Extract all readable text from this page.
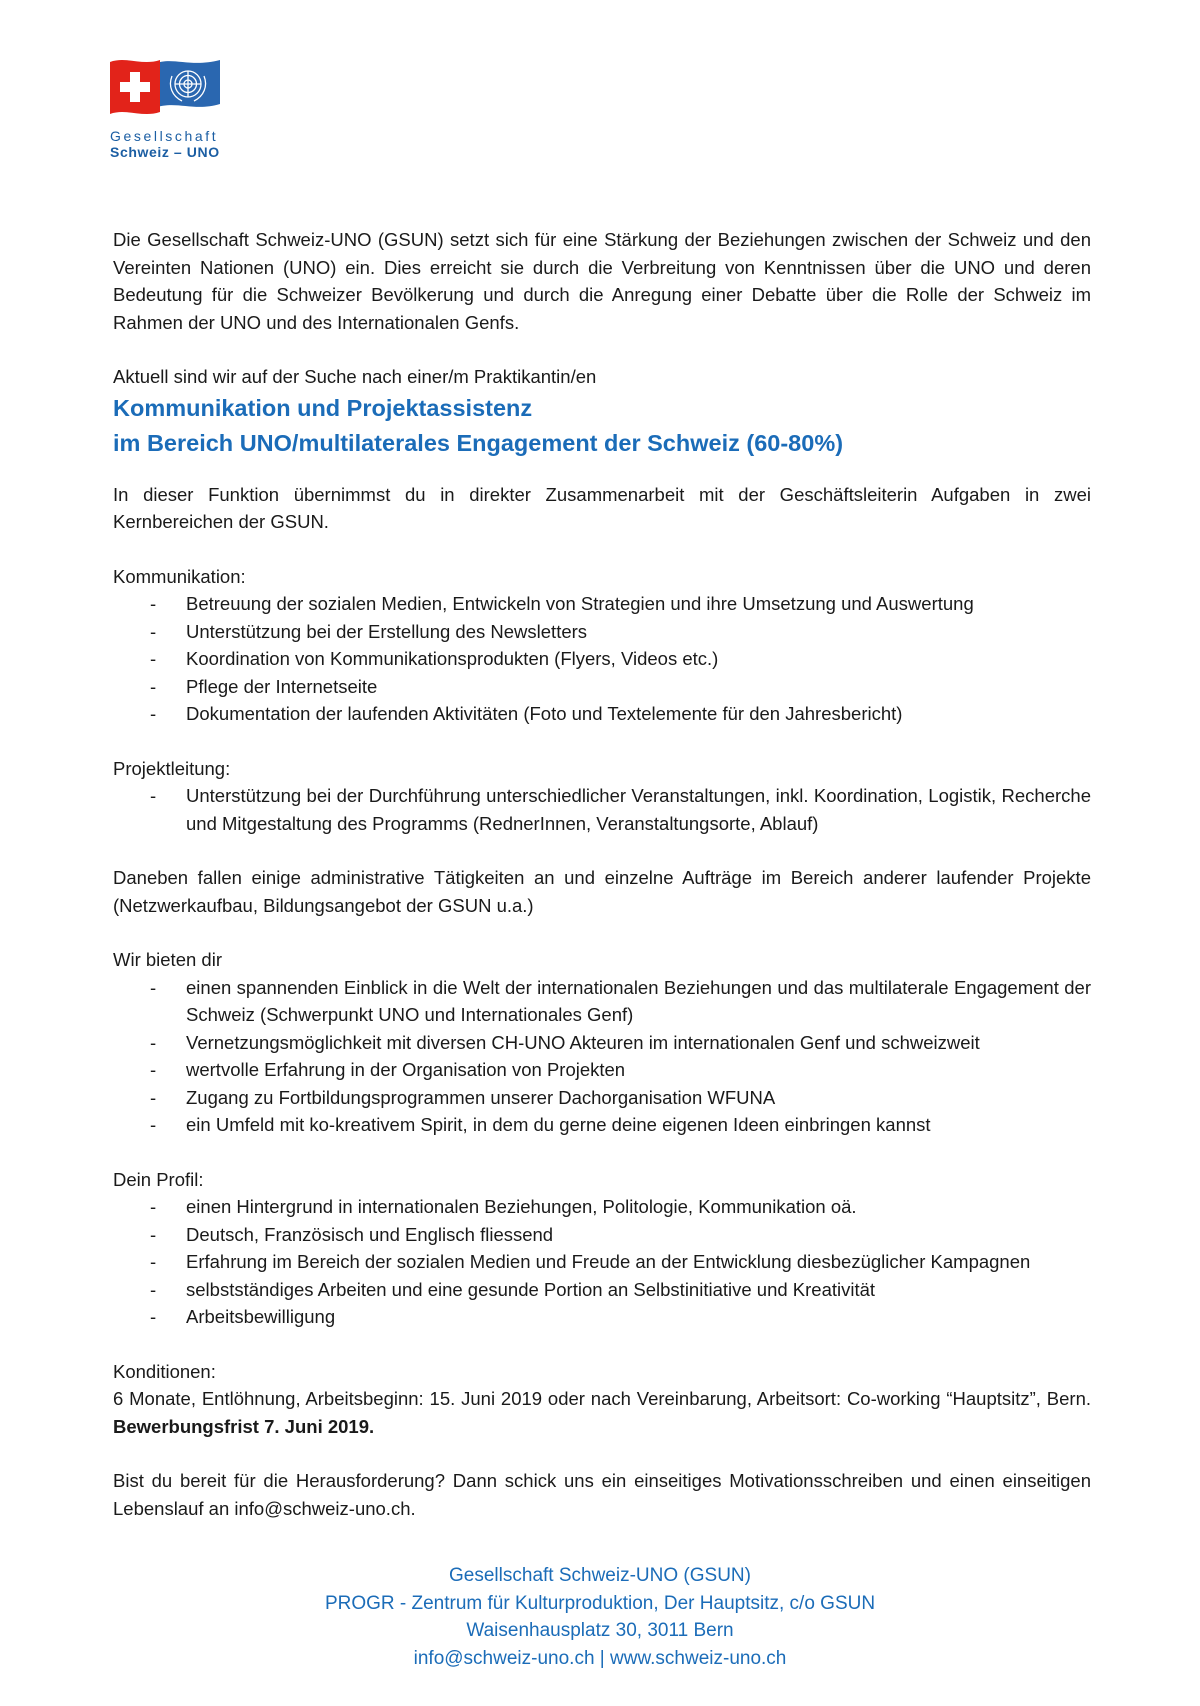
Gesellschaft
Schweiz – UNO

Die Gesellschaft Schweiz-UNO (GSUN) setzt sich für eine Stärkung der Beziehungen zwischen der Schweiz und den Vereinten Nationen (UNO) ein. Dies erreicht sie durch die Verbreitung von Kenntnissen über die UNO und deren Bedeutung für die Schweizer Bevölkerung und durch die Anregung einer Debatte über die Rolle der Schweiz im Rahmen der UNO und des Internationalen Genfs.

Aktuell sind wir auf der Suche nach einer/m Praktikantin/en

Kommunikation und Projektassistenz
im Bereich UNO/multilaterales Engagement der Schweiz (60-80%)

In dieser Funktion übernimmst du in direkter Zusammenarbeit mit der Geschäftsleiterin Aufgaben in zwei Kernbereichen der GSUN.

Kommunikation:

- Betreuung der sozialen Medien, Entwickeln von Strategien und ihre Umsetzung und Auswertung
- Unterstützung bei der Erstellung des Newsletters
- Koordination von Kommunikationsprodukten (Flyers, Videos etc.)
- Pflege der Internetseite
- Dokumentation der laufenden Aktivitäten (Foto und Textelemente für den Jahresbericht)

Projektleitung:

- Unterstützung bei der Durchführung unterschiedlicher Veranstaltungen, inkl. Koordination, Logistik, Recherche und Mitgestaltung des Programms (RednerInnen, Veranstaltungsorte, Ablauf)

Daneben fallen einige administrative Tätigkeiten an und einzelne Aufträge im Bereich anderer laufender Projekte (Netzwerkaufbau, Bildungsangebot der GSUN u.a.)

Wir bieten dir

- einen spannenden Einblick in die Welt der internationalen Beziehungen und das multilaterale Engagement der Schweiz (Schwerpunkt UNO und Internationales Genf)
- Vernetzungsmöglichkeit mit diversen CH-UNO Akteuren im internationalen Genf und schweizweit
- wertvolle Erfahrung in der Organisation von Projekten
- Zugang zu Fortbildungsprogrammen unserer Dachorganisation WFUNA
- ein Umfeld mit ko-kreativem Spirit, in dem du gerne deine eigenen Ideen einbringen kannst

Dein Profil:

- einen Hintergrund in internationalen Beziehungen, Politologie, Kommunikation oä.
- Deutsch, Französisch und Englisch fliessend
- Erfahrung im Bereich der sozialen Medien und Freude an der Entwicklung diesbezüglicher Kampagnen
- selbstständiges Arbeiten und eine gesunde Portion an Selbstinitiative und Kreativität
- Arbeitsbewilligung

Konditionen:

6 Monate, Entlöhnung, Arbeitsbeginn: 15. Juni 2019 oder nach Vereinbarung, Arbeitsort: Co-working “Hauptsitz”, Bern. Bewerbungsfrist 7. Juni 2019.

Bist du bereit für die Herausforderung? Dann schick uns ein einseitiges Motivationsschreiben und einen einseitigen Lebenslauf an info@schweiz-uno.ch.

Gesellschaft Schweiz-UNO (GSUN)
PROGR - Zentrum für Kulturproduktion, Der Hauptsitz, c/o GSUN
Waisenhausplatz 30, 3011 Bern
info@schweiz-uno.ch | www.schweiz-uno.ch
